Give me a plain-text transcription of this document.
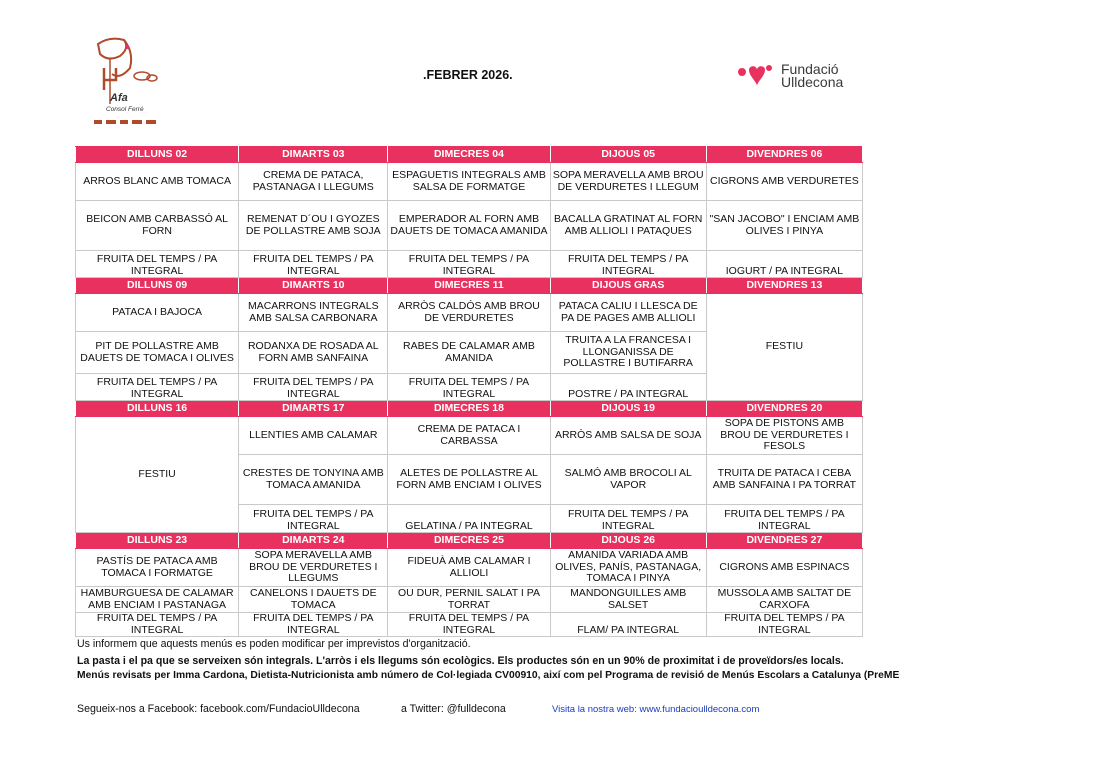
Afa
Consol Ferré
.FEBRER 2026.	Fundació
Ulldecona
DILLUNS 02	DIMARTS 03	DIMECRES 04	DIJOUS 05	DIVENDRES 06
ARROS BLANC AMB TOMACA	CREMA DE PATACA, PASTANAGA I LLEGUMS	ESPAGUETIS INTEGRALS AMB SALSA DE FORMATGE	SOPA MERAVELLA AMB BROU DE VERDURETES I LLEGUM	CIGRONS AMB VERDURETES
BEICON AMB CARBASSÓ AL FORN	REMENAT D´OU I GYOZES DE POLLASTRE AMB SOJA	EMPERADOR AL FORN AMB DAUETS DE TOMACA AMANIDA	BACALLA GRATINAT AL FORN AMB ALLIOLI I PATAQUES	"SAN JACOBO" I ENCIAM AMB OLIVES I PINYA
FRUITA DEL TEMPS / PA INTEGRAL	FRUITA DEL TEMPS / PA INTEGRAL	FRUITA DEL TEMPS / PA INTEGRAL	FRUITA DEL TEMPS / PA INTEGRAL	IOGURT / PA INTEGRAL
DILLUNS 09	DIMARTS 10	DIMECRES 11	DIJOUS GRAS	DIVENDRES 13
PATACA I BAJOCA	MACARRONS INTEGRALS AMB SALSA CARBONARA	ARRÒS CALDÓS AMB BROU DE VERDURETES	PATACA CALIU I LLESCA DE PA DE PAGES AMB ALLIOLI	FESTIU
PIT DE POLLASTRE AMB DAUETS DE TOMACA I OLIVES	RODANXA DE ROSADA AL FORN AMB SANFAINA	RABES DE CALAMAR AMB AMANIDA	TRUITA A LA FRANCESA I LLONGANISSA DE POLLASTRE I BUTIFARRA	
FRUITA DEL TEMPS / PA INTEGRAL	FRUITA DEL TEMPS / PA INTEGRAL	FRUITA DEL TEMPS / PA INTEGRAL	POSTRE / PA INTEGRAL	
DILLUNS 16	DIMARTS 17	DIMECRES 18	DIJOUS 19	DIVENDRES 20
FESTIU	LLENTIES AMB CALAMAR	CREMA DE PATACA I CARBASSA	ARRÒS AMB SALSA DE SOJA	SOPA DE PISTONS AMB BROU DE VERDURETES I FESOLS
	CRESTES DE TONYINA AMB TOMACA AMANIDA	ALETES DE POLLASTRE AL FORN AMB ENCIAM I OLIVES	SALMÓ AMB BROCOLI AL VAPOR	TRUITA DE PATACA I CEBA AMB SANFAINA I PA TORRAT
	FRUITA DEL TEMPS / PA INTEGRAL	GELATINA / PA INTEGRAL	FRUITA DEL TEMPS / PA INTEGRAL	FRUITA DEL TEMPS / PA INTEGRAL
DILLUNS 23	DIMARTS 24	DIMECRES 25	DIJOUS 26	DIVENDRES 27
PASTÍS DE PATACA AMB TOMACA I FORMATGE	SOPA MERAVELLA AMB BROU DE VERDURETES I LLEGUMS	FIDEUÀ AMB CALAMAR I ALLIOLI	AMANIDA VARIADA AMB OLIVES, PANÍS, PASTANAGA, TOMACA I PINYA	CIGRONS AMB ESPINACS
HAMBURGUESA DE CALAMAR AMB ENCIAM I PASTANAGA	CANELONS I DAUETS DE TOMACA	OU DUR, PERNIL SALAT I PA TORRAT	MANDONGUILLES AMB SALSET	MUSSOLA AMB SALTAT DE CARXOFA
FRUITA DEL TEMPS / PA INTEGRAL	FRUITA DEL TEMPS / PA INTEGRAL	FRUITA DEL TEMPS / PA INTEGRAL	FLAM/ PA INTEGRAL	FRUITA DEL TEMPS / PA INTEGRAL
Us informem que aquests menús es poden modificar per imprevistos d'organització.
La pasta i el pa que se serveixen són integrals. L'arròs i els llegums són ecològics. Els productes són en un 90% de proximitat i de proveïdors/es locals.
Menús revisats per Imma Cardona, Dietista-Nutricionista amb número de Col·legiada CV00910, així com pel Programa de revisió de Menús Escolars a Catalunya (PreME
Segueix-nos a Facebook: facebook.com/FundacioUlldecona	a Twitter: @fulldecona	Visita la nostra web: www.fundacioulldecona.com
